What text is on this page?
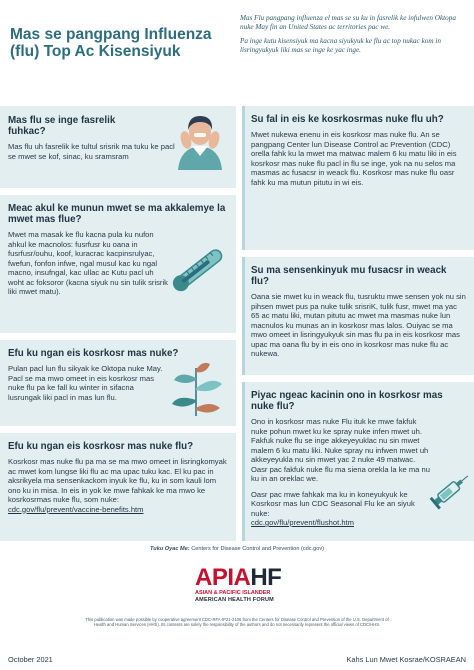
Mas se pangpang Influenza (flu) Top Ac Kisensiyuk

Mas Flu pangpang influenza el mas se su ku in fasrelik ke infulwen Oktopa nuke May fin an United States ac territories pac we.

Pa inge kutu kisensiyuk ma kacna siyukyuk ke flu ac top nukac kom in lisringyukyuk liki mas se inge ke yac inge.

Mas flu se inge fasrelik fuhkac?

Mas flu uh fasrelik ke tultul srisrik ma tuku ke pacl se mwet se kof, sinac, ku sramsram

Meac akul ke munun mwet se ma akkalemye la mwet mas flue?

Mwet ma masak ke flu kacna pula ku nufon ahkul ke macnolos: fusrfusr ku oana in fusrfusr/ouhu, koof, kuracrac kacpinsrulyac, fwefun, fonfon infwe, ngal musul kac ku ngal macno, insufngal, kac ullac ac Kutu pacl uh woht ac foksoror (kacna siyuk nu sin tulik srisrik liki mwet matu).

Efu ku ngan eis kosrkosr mas nuke?

Pulan pacl lun flu sikyak ke Oktopa nuke May. Pacl se ma mwo omeet in eis kosrkosr mas nuke flu pa ke fall ku winter in sifacna lusrungak liki pacl in mas lun flu.

Efu ku ngan eis kosrkosr mas nuke flu?

Kosrkosr mas nuke flu pa ma se ma mwo omeet in lisringkomyak ac mwet kom lungse liki flu ac ma upac tuku kac. El ku pac in aksrikyela ma sensenkackom inyuk ke flu, ku in som kauli lom ono ku in misa. In eis in yok ke mwe fahkak ke ma mwo ke kosrkosrmas nuke flu, som nuke:

cdc.gov/flu/prevent/vaccine-benefits.htm

Su fal in eis ke kosrkosrmas nuke flu uh?

Mwet nukewa enenu in eis kosrkosr mas nuke flu. An se pangpang Center lun Disease Control ac Prevention (CDC) orella fahk ku la mwet ma matwac malem 6 ku matu liki in eis kosrkosr mas nuke flu pacl in flu se inge, yok na nu selos ma masmas ac fusacsr in weack flu. Kosrkosr mas nuke flu oasr fahk ku ma mutun pitutu in wi eis.

Su ma sensenkinyuk mu fusacsr in weack flu?

Oana sie mwet ku in weack flu, tusruktu mwe sensen yok nu sin pihsen mwet pus pa nuke tulik srisriK, tulik fusr, mwet ma yac 65 ac matu liki, mutan pitutu ac mwet ma masmas nuke lun macnulos ku munas an in kosrkosr mas lalos. Ouiyac se ma mwo omeet in lisringyukyuk sin mas flu pa in eis kosrkosr mas upac ma oana flu by in eis ono in kosrkosr mas nuke flu ac nukewa.

Piyac ngeac kacinin ono in kosrkosr mas nuke flu?

Ono in kosrkosr mas nuke Flu ituk ke mwe fakfuk nuke pohun mwet ku ke spray nuke infen mwet uh. Fakfuk nuke flu se inge akkeyeyuklac nu sin mwet malem 6 ku matu liki. Nuke spray nu infwen mwet uh akkeyeyukla nu sin mwet yac 2 nuke 49 matwac. Oasr pac fakfuk nuke flu ma siena orekla la ke ma nu ku in an oreklac we.

Oasr pac mwe fahkak ma ku in koneyukyuk ke Kosrkosr mas lun CDC Seasonal Flu ke an siyuk nuke:

cdc.gov/flu/prevent/flushot.htm

Tuku Oyac Me: Centers for Disease Control and Prevention (cdc.gov)
APIAHF
ASIAN & PACIFIC ISLANDER
AMERICAN HEALTH FORUM
This publication was made possible by cooperative agreement CDC-RFA-IP21-2106 from the Centers for Disease Control and Prevention of the U.S. Department of Health and Human Services (HHS). Its contents are solely the responsibility of the authors and do not necessarily represent the official views of CDC/HHS.
October 2021	Kahs Lun Mwet Kosrae/KOSRAEAN
